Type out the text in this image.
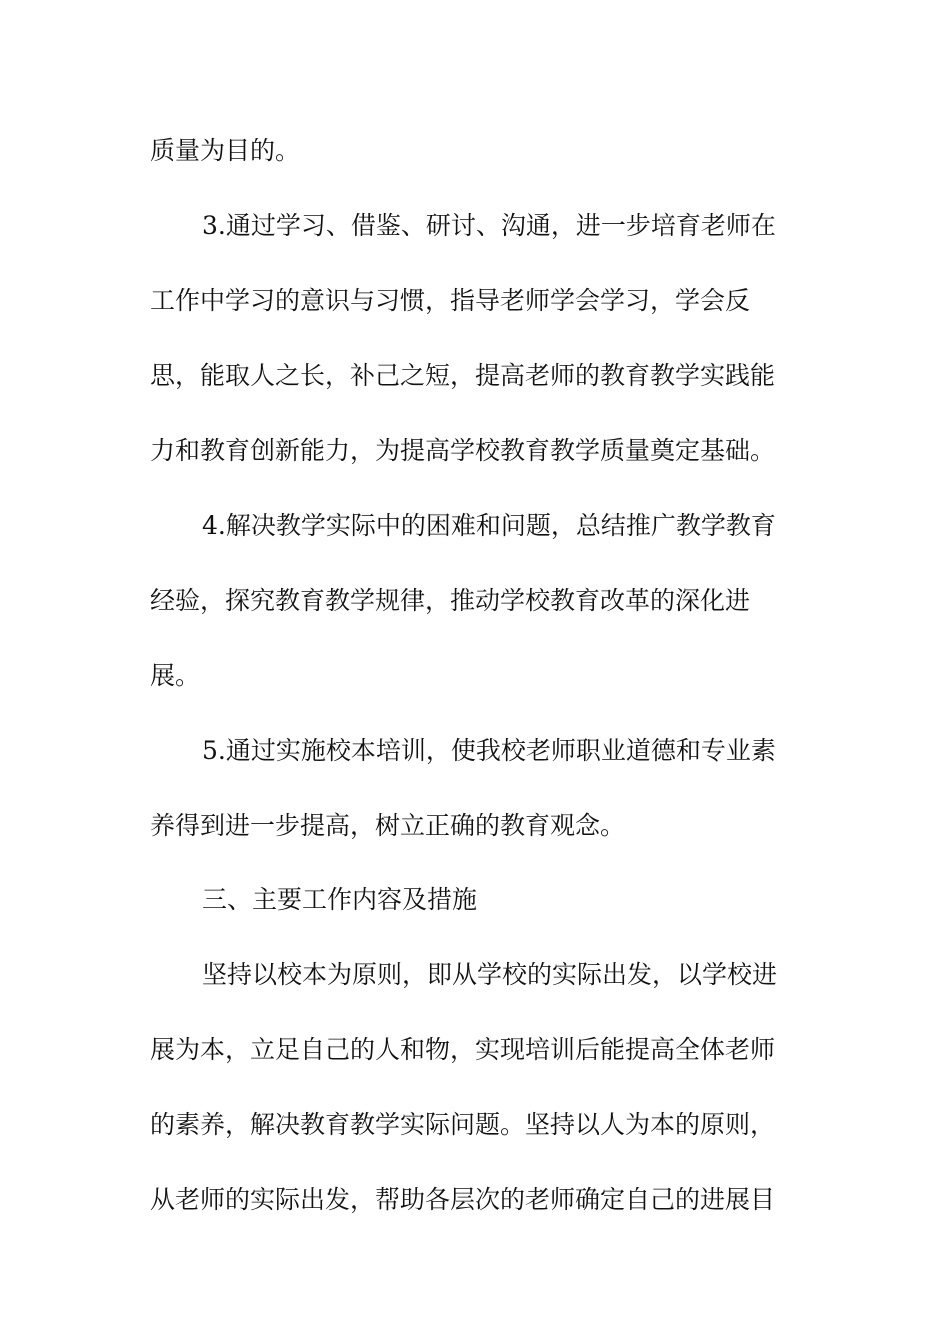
质量为目的。
3.通过学习、借鉴、研讨、沟通，进一步培育老师在
工作中学习的意识与习惯，指导老师学会学习，学会反
思，能取人之长，补己之短，提高老师的教育教学实践能
力和教育创新能力，为提高学校教育教学质量奠定基础。
4.解决教学实际中的困难和问题，总结推广教学教育
经验，探究教育教学规律，推动学校教育改革的深化进
展。
5.通过实施校本培训，使我校老师职业道德和专业素
养得到进一步提高，树立正确的教育观念。
三、主要工作内容及措施
坚持以校本为原则，即从学校的实际出发，以学校进
展为本，立足自己的人和物，实现培训后能提高全体老师
的素养，解决教育教学实际问题。坚持以人为本的原则，
从老师的实际出发，帮助各层次的老师确定自己的进展目
